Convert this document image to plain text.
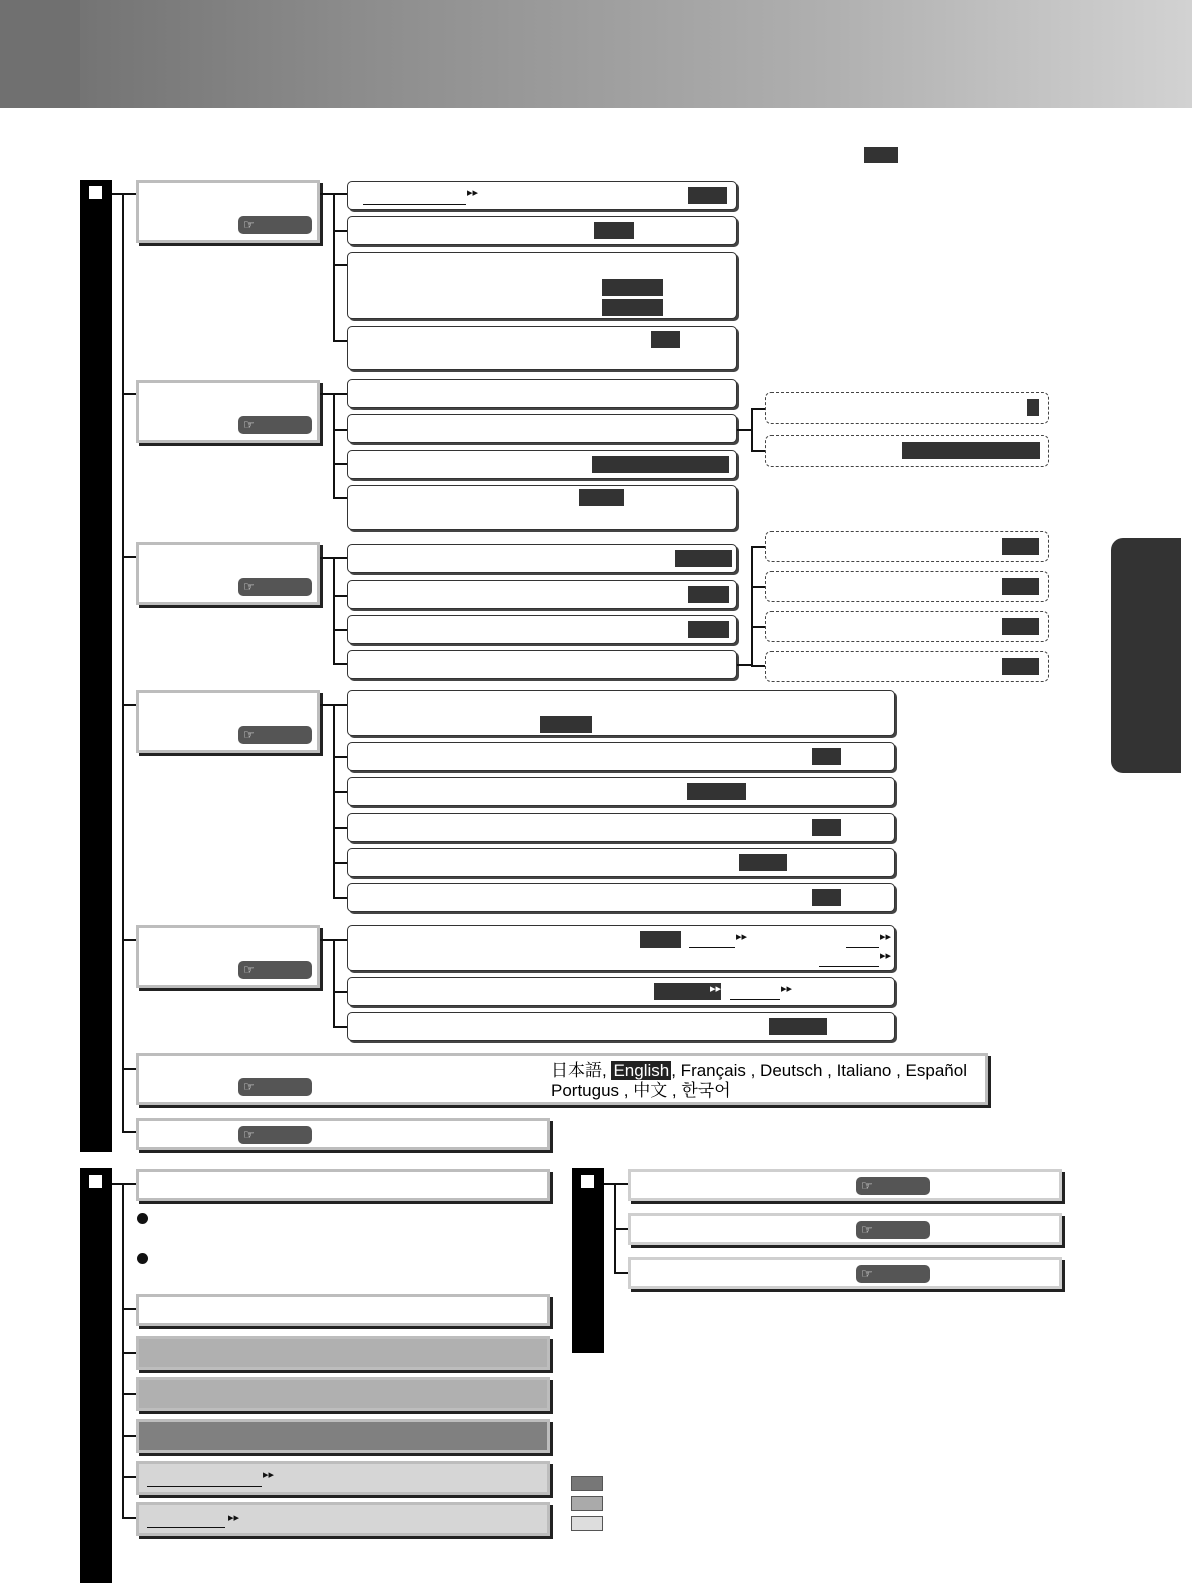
☞
▸▸
☞
☞
☞
☞
▸▸	▸▸
▸▸
▸▸	▸▸
☞
日本語, English , Français , Deutsch , Italiano , Español
Portugus , 中文 , 한국어
☞
▸▸
▸▸
☞
☞
☞
